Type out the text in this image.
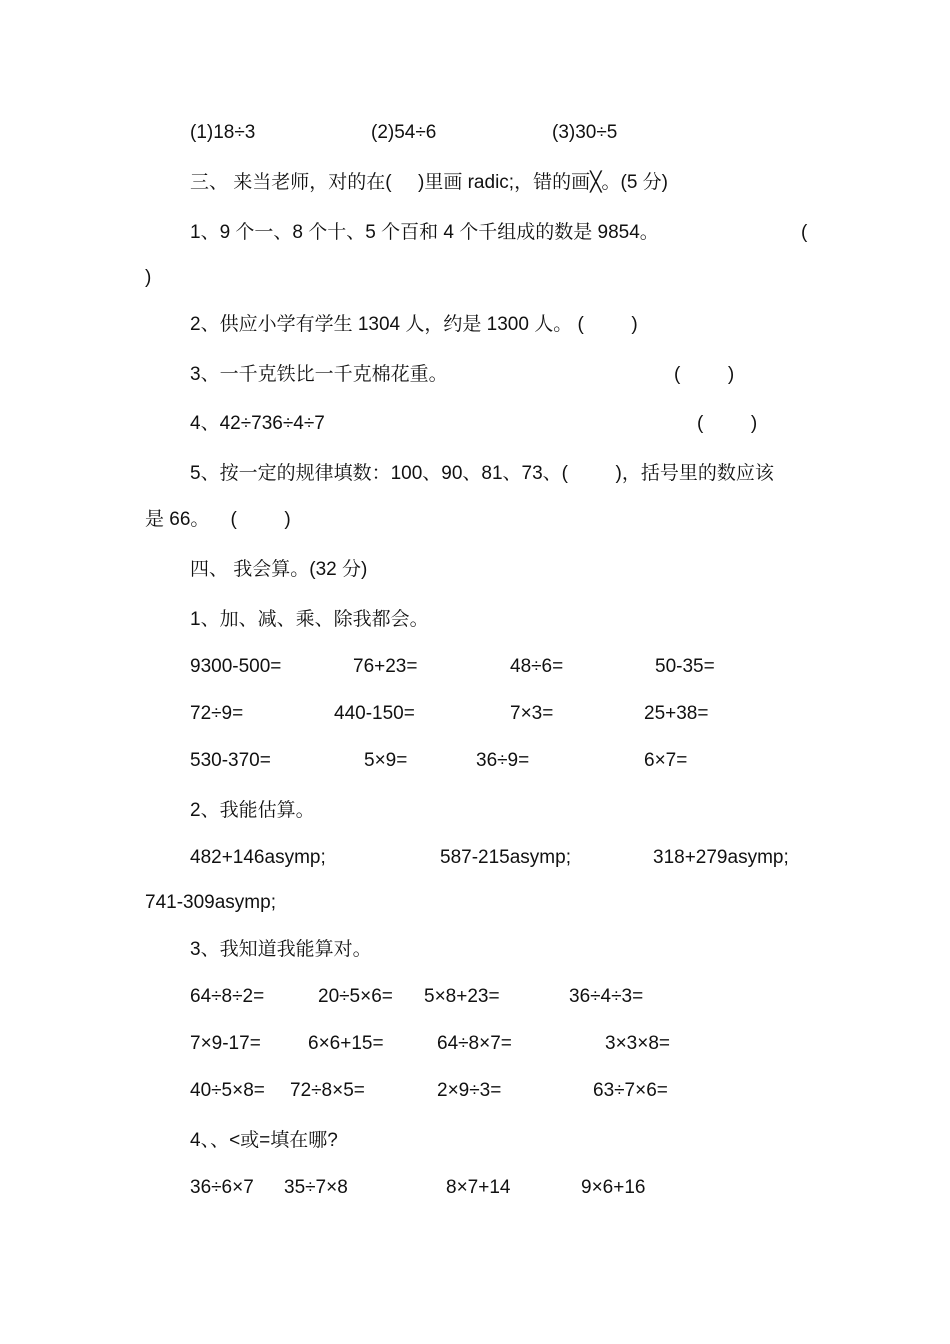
(1)18÷3	(2)54÷6	(3)30÷5
三、 来当老师，对的在(     )里画 radic;，错的画╳。(5 分)
1、9 个一、8 个十、5 个百和 4 个千组成的数是 9854。	(
)
2、供应小学有学生 1304 人，约是 1300 人。 (         )
3、一千克铁比一千克棉花重。	(         )
4、42÷736÷4÷7	(         )
5、按一定的规律填数：100、90、81、73、(         )，括号里的数应该
是 66。    (         )
四、 我会算。(32 分)
1、加、减、乘、除我都会。
9300-500=	76+23=	48÷6=	50-35=
72÷9=	440-150=	7×3=	25+38=
530-370=	5×9=	36÷9=	6×7=
2、我能估算。
482+146asymp;	587-215asymp;	318+279asymp;
741-309asymp;
3、我知道我能算对。
64÷8÷2=	20÷5×6= 5×8+23=	36÷4÷3=
7×9-17= 6×6+15=	64÷8×7=	3×3×8=
40÷5×8= 72÷8×5=	2×9÷3=	63÷7×6=
4、、<或=填在哪?
36÷6×7 35÷7×8	8×7+14	9×6+16
